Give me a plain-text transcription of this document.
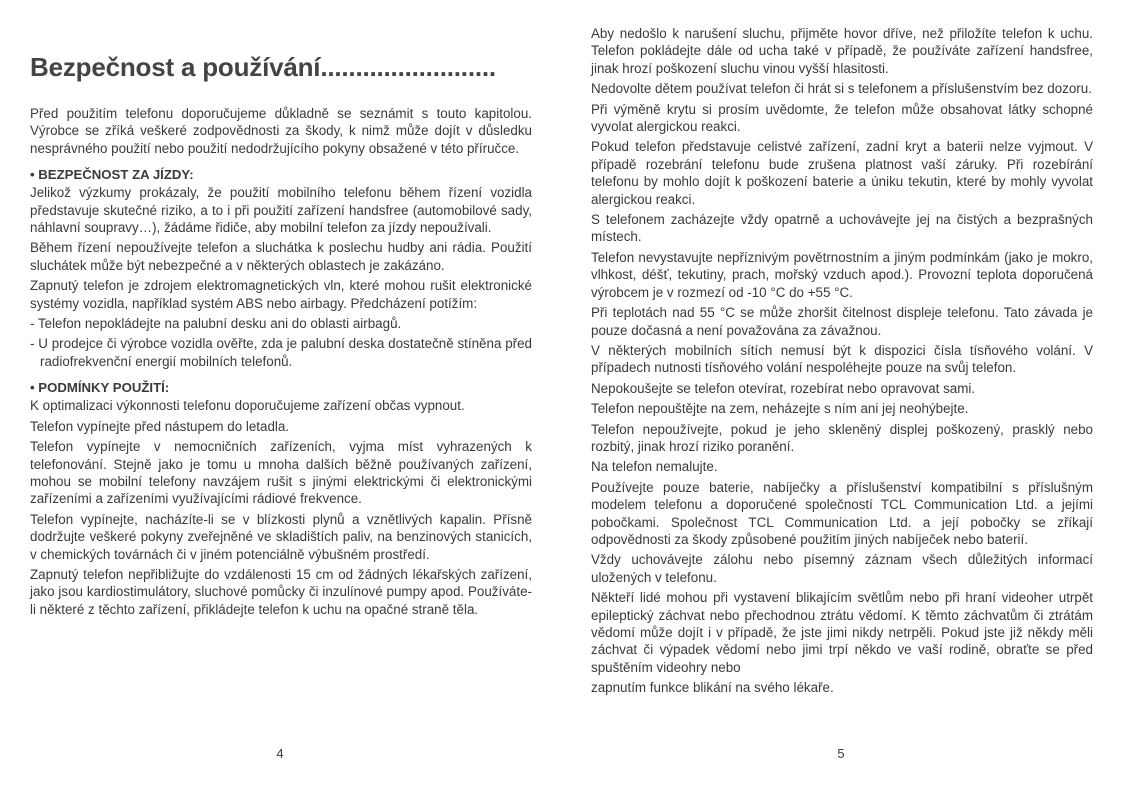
Bezpečnost a používání.........................

Před použitím telefonu doporučujeme důkladně se seznámit s touto kapitolou. Výrobce se zříká veškeré zodpovědnosti za škody, k nimž může dojít v důsledku nesprávného použití nebo použití nedodržujícího pokyny obsažené v této příručce.

• BEZPEČNOST ZA JÍZDY:

Jelikož výzkumy prokázaly, že použití mobilního telefonu během řízení vozidla představuje skutečné riziko, a to i při použití zařízení handsfree (automobilové sady, náhlavní soupravy…), žádáme řidiče, aby mobilní telefon za jízdy nepoužívali.

Během řízení nepoužívejte telefon a sluchátka k poslechu hudby ani rádia. Použití sluchátek může být nebezpečné a v některých oblastech je zakázáno.

Zapnutý telefon je zdrojem elektromagnetických vln, které mohou rušit elektronické systémy vozidla, například systém ABS nebo airbagy. Předcházení potížím:

- Telefon nepokládejte na palubní desku ani do oblasti airbagů.

- U prodejce či výrobce vozidla ověřte, zda je palubní deska dostatečně stíněna před radiofrekvenční energií mobilních telefonů.

• PODMÍNKY POUŽITÍ:

K optimalizaci výkonnosti telefonu doporučujeme zařízení občas vypnout.

Telefon vypínejte před nástupem do letadla.

Telefon vypínejte v nemocničních zařízeních, vyjma míst vyhrazených k telefonování. Stejně jako je tomu u mnoha dalších běžně používaných zařízení, mohou se mobilní telefony navzájem rušit s jinými elektrickými či elektronickými zařízeními a zařízeními využívajícími rádiové frekvence.

Telefon vypínejte, nacházíte-li se v blízkosti plynů a vznětlivých kapalin. Přísně dodržujte veškeré pokyny zveřejněné ve skladištích paliv, na benzinových stanicích, v chemických továrnách či v jiném potenciálně výbušném prostředí.

Zapnutý telefon nepřibližujte do vzdálenosti 15 cm od žádných lékařských zařízení, jako jsou kardiostimulátory, sluchové pomůcky či inzulínové pumpy apod. Používáte-li některé z těchto zařízení, přikládejte telefon k uchu na opačné straně těla.

4

Aby nedošlo k narušení sluchu, přijměte hovor dříve, než přiložíte telefon k uchu. Telefon pokládejte dále od ucha také v případě, že používáte zařízení handsfree, jinak hrozí poškození sluchu vinou vyšší hlasitosti.

Nedovolte dětem používat telefon či hrát si s telefonem a příslušenstvím bez dozoru.

Při výměně krytu si prosím uvědomte, že telefon může obsahovat látky schopné vyvolat alergickou reakci.

Pokud telefon představuje celistvé zařízení, zadní kryt a baterii nelze vyjmout. V případě rozebrání telefonu bude zrušena platnost vaší záruky. Při rozebírání telefonu by mohlo dojít k poškození baterie a úniku tekutin, které by mohly vyvolat alergickou reakci.

S telefonem zacházejte vždy opatrně a uchovávejte jej na čistých a bezprašných místech.

Telefon nevystavujte nepříznivým povětrnostním a jiným podmínkám (jako je mokro, vlhkost, déšť, tekutiny, prach, mořský vzduch apod.). Provozní teplota doporučená výrobcem je v rozmezí od -10 °C do +55 °C.

Při teplotách nad 55 °C se může zhoršit čitelnost displeje telefonu. Tato závada je pouze dočasná a není považována za závažnou.

V některých mobilních sítích nemusí být k dispozici čísla tísňového volání. V případech nutnosti tísňového volání nespoléhejte pouze na svůj telefon.

Nepokoušejte se telefon otevírat, rozebírat nebo opravovat sami.

Telefon nepouštějte na zem, neházejte s ním ani jej neohýbejte.

Telefon nepoužívejte, pokud je jeho skleněný displej poškozený, prasklý nebo rozbitý, jinak hrozí riziko poranění.

Na telefon nemalujte.

Používejte pouze baterie, nabíječky a příslušenství kompatibilní s příslušným modelem telefonu a doporučené společností TCL Communication Ltd. a jejími pobočkami. Společnost TCL Communication Ltd. a její pobočky se zříkají odpovědnosti za škody způsobené použitím jiných nabíječek nebo baterií.

Vždy uchovávejte zálohu nebo písemný záznam všech důležitých informací uložených v telefonu.

Někteří lidé mohou při vystavení blikajícím světlům nebo při hraní videoher utrpět epileptický záchvat nebo přechodnou ztrátu vědomí. K těmto záchvatům či ztrátám vědomí může dojít i v případě, že jste jimi nikdy netrpěli. Pokud jste již někdy měli záchvat či výpadek vědomí nebo jimi trpí někdo ve vaší rodině, obraťte se před spuštěním videohry nebo

zapnutím funkce blikání na svého lékaře.

5
